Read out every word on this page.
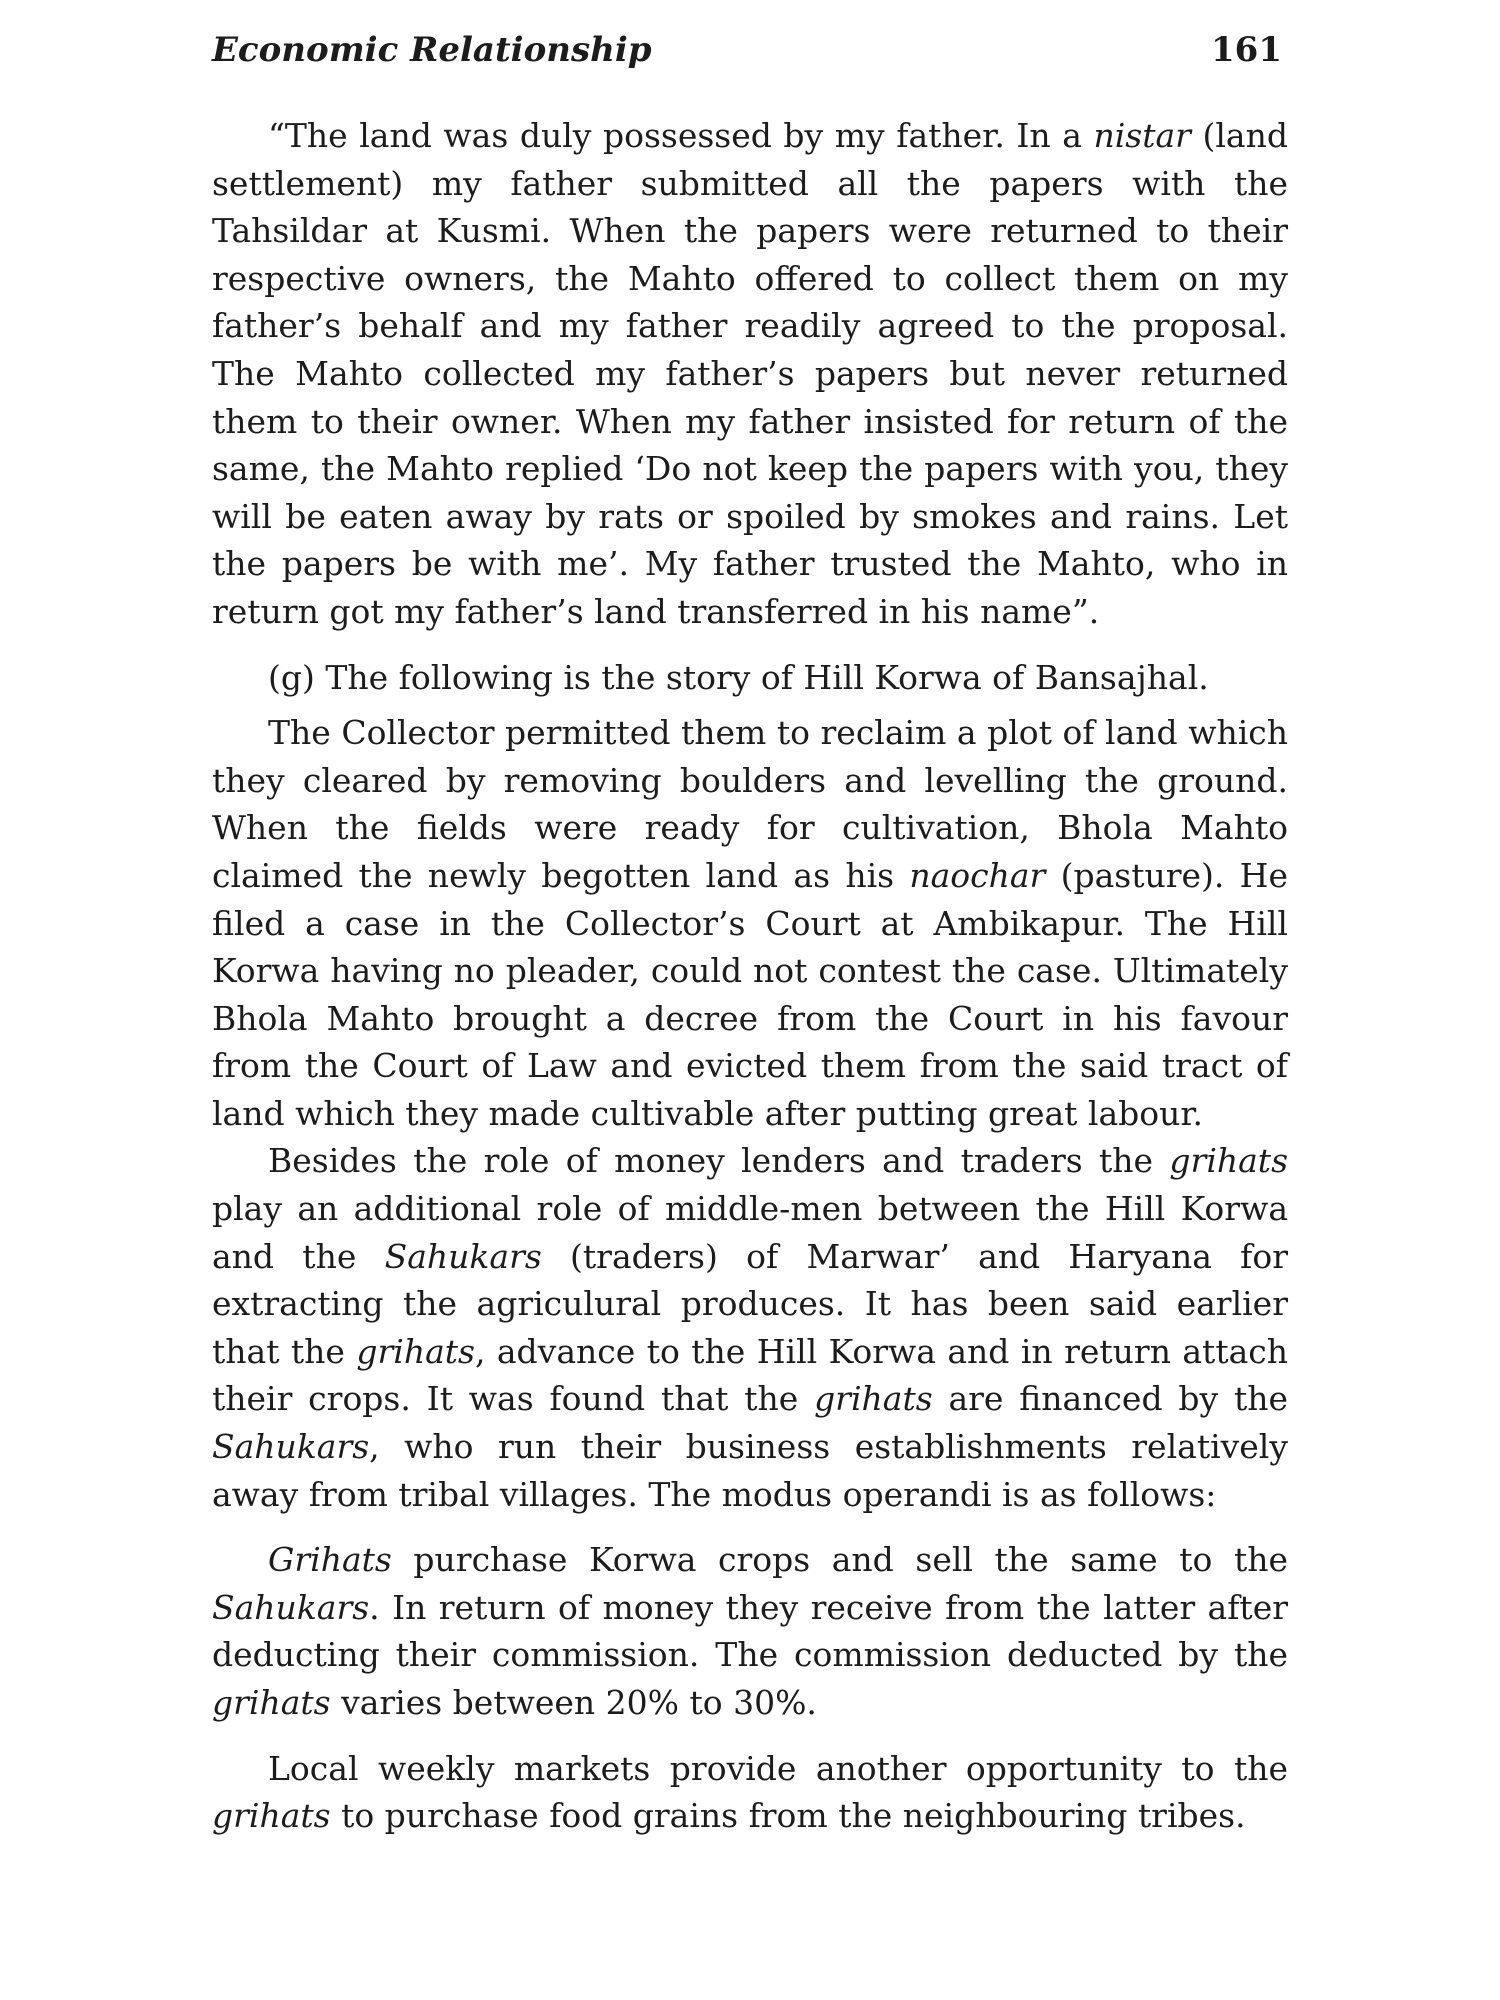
Economic Relationship	161

“The land was duly possessed by my father. In a nistar (land settlement) my father submitted all the papers with the Tahsildar at Kusmi. When the papers were returned to their respective owners, the Mahto offered to collect them on my father’s behalf and my father readily agreed to the proposal. The Mahto collected my father’s papers but never returned them to their owner. When my father insisted for return of the same, the Mahto replied ‘Do not keep the papers with you, they will be eaten away by rats or spoiled by smokes and rains. Let the papers be with me’. My father trusted the Mahto, who in return got my father’s land transferred in his name”.

(g) The following is the story of Hill Korwa of Bansajhal.

The Collector permitted them to reclaim a plot of land which they cleared by removing boulders and levelling the ground. When the fields were ready for cultivation, Bhola Mahto claimed the newly begotten land as his naochar (pasture). He filed a case in the Collector’s Court at Ambikapur. The Hill Korwa having no pleader, could not contest the case. Ultimately Bhola Mahto brought a decree from the Court in his favour from the Court of Law and evicted them from the said tract of land which they made cultivable after putting great labour.

Besides the role of money lenders and traders the grihats play an additional role of middle-men between the Hill Korwa and the Sahukars (traders) of Marwar’ and Haryana for extracting the agriculural produces. It has been said earlier that the grihats, advance to the Hill Korwa and in return attach their crops. It was found that the grihats are financed by the Sahukars, who run their business establishments relatively away from tribal villages. The modus operandi is as follows:

Grihats purchase Korwa crops and sell the same to the Sahukars. In return of money they receive from the latter after deducting their commission. The commission deducted by the grihats varies between 20% to 30%.

Local weekly markets provide another opportunity to the grihats to purchase food grains from the neighbouring tribes.
